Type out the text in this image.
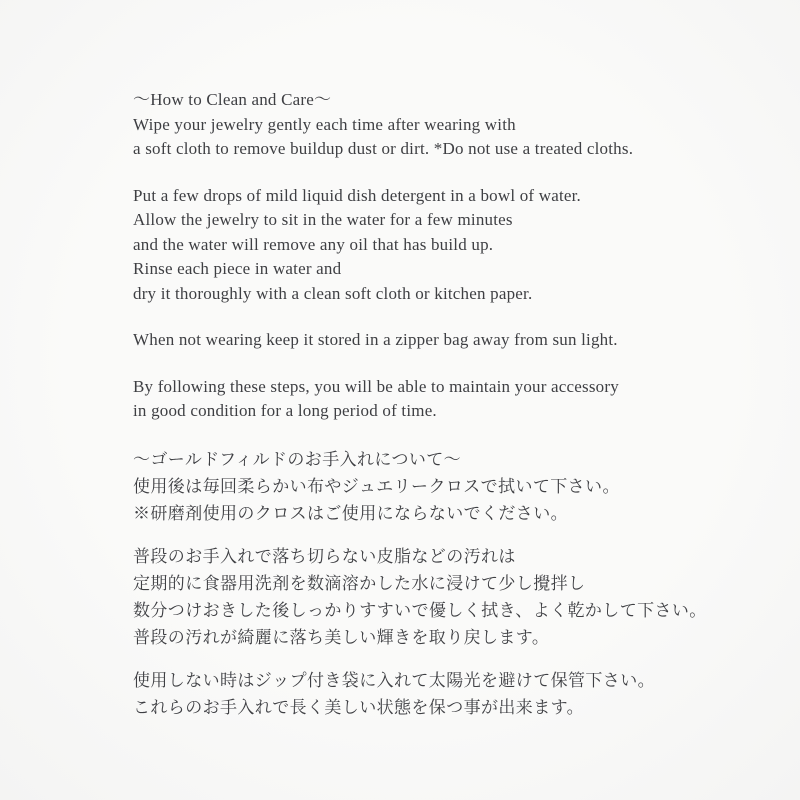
〜How to Clean and Care〜
Wipe your jewelry gently each time after wearing with
a soft cloth to remove buildup dust or dirt. *Do not use a treated cloths.
Put a few drops of mild liquid dish detergent in a bowl of water.
Allow the jewelry to sit in the water for a few minutes
and the water will remove any oil that has build up.
Rinse each piece in water and
dry it thoroughly with a clean soft cloth or kitchen paper.
When not wearing keep it stored in a zipper bag away from sun light.
By following these steps, you will be able to maintain your accessory
in good condition for a long period of time.
〜ゴールドフィルドのお手入れについて〜
使用後は毎回柔らかい布やジュエリークロスで拭いて下さい。
※研磨剤使用のクロスはご使用にならないでください。
普段のお手入れで落ち切らない皮脂などの汚れは
定期的に食器用洗剤を数滴溶かした水に浸けて少し攪拌し
数分つけおきした後しっかりすすいで優しく拭き、よく乾かして下さい。
普段の汚れが綺麗に落ち美しい輝きを取り戻します。
使用しない時はジップ付き袋に入れて太陽光を避けて保管下さい。
これらのお手入れで長く美しい状態を保つ事が出来ます。
